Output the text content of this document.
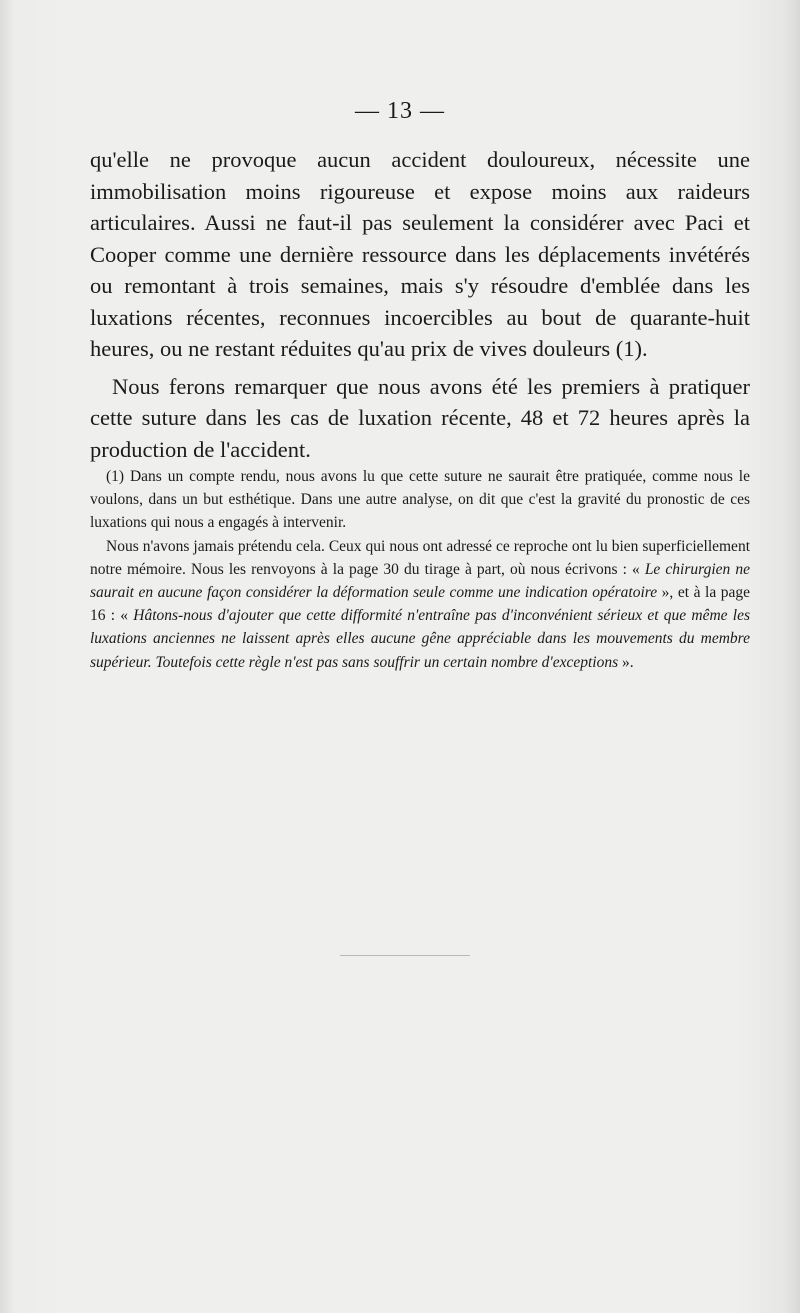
— 13 —

qu'elle ne provoque aucun accident douloureux, nécessite une immobilisation moins rigoureuse et expose moins aux raideurs articulaires. Aussi ne faut-il pas seulement la considérer avec Paci et Cooper comme une dernière ressource dans les déplacements invétérés ou remontant à trois semaines, mais s'y résoudre d'emblée dans les luxations récentes, reconnues incoercibles au bout de quarante-huit heures, ou ne restant réduites qu'au prix de vives douleurs (1).

Nous ferons remarquer que nous avons été les premiers à pratiquer cette suture dans les cas de luxation récente, 48 et 72 heures après la production de l'accident.

(1) Dans un compte rendu, nous avons lu que cette suture ne saurait être pratiquée, comme nous le voulons, dans un but esthétique. Dans une autre analyse, on dit que c'est la gravité du pronostic de ces luxations qui nous a engagés à intervenir.

Nous n'avons jamais prétendu cela. Ceux qui nous ont adressé ce reproche ont lu bien superficiellement notre mémoire. Nous les renvoyons à la page 30 du tirage à part, où nous écrivons : « Le chirurgien ne saurait en aucune façon considérer la déformation seule comme une indication opératoire », et à la page 16 : « Hâtons-nous d'ajouter que cette difformité n'entraîne pas d'inconvénient sérieux et que même les luxations anciennes ne laissent après elles aucune gêne appréciable dans les mouvements du membre supérieur. Toutefois cette règle n'est pas sans souffrir un certain nombre d'exceptions ».
